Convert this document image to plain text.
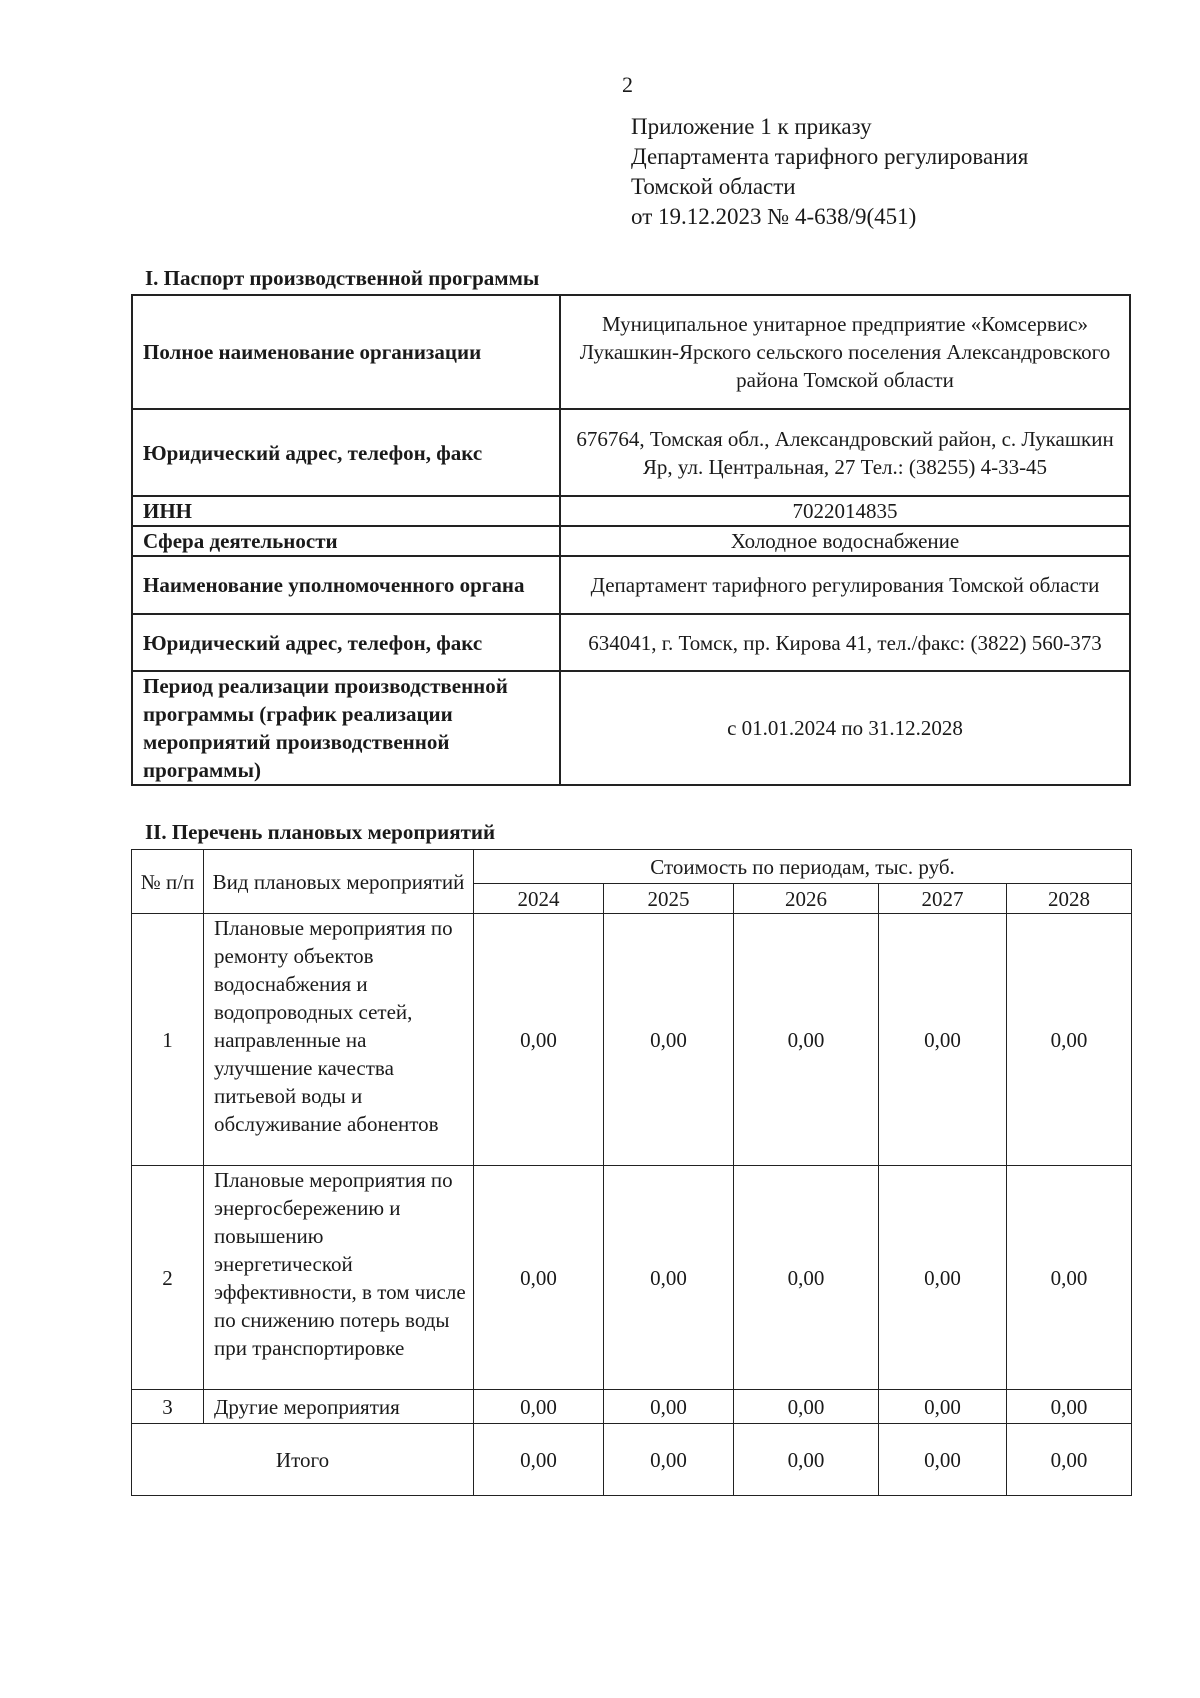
2
Приложение 1 к приказу
Департамента тарифного регулирования
Томской области
от 19.12.2023 № 4-638/9(451)
I. Паспорт производственной программы
Полное наименование организации	Муниципальное унитарное предприятие «Комсервис» Лукашкин-Ярского сельского поселения Александровского района Томской области
Юридический адрес, телефон, факс	676764, Томская обл., Александровский район, с. Лукашкин Яр, ул. Центральная, 27 Тел.: (38255) 4-33-45
ИНН	7022014835
Сфера деятельности	Холодное водоснабжение
Наименование уполномоченного органа	Департамент тарифного регулирования Томской области
Юридический адрес, телефон, факс	634041, г. Томск, пр. Кирова 41, тел./факс: (3822) 560-373
Период реализации производственной программы (график реализации мероприятий производственной программы)	с 01.01.2024 по 31.12.2028
II. Перечень плановых мероприятий
№ п/п	Вид плановых мероприятий	Стоимость по периодам, тыс. руб.				
		2024	2025	2026	2027	2028
1	Плановые мероприятия по ремонту объектов водоснабжения и водопроводных сетей, направленные на улучшение качества питьевой воды и обслуживание абонентов	0,00	0,00	0,00	0,00	0,00
2	Плановые мероприятия по энергосбережению и повышению энергетической эффективности, в том числе по снижению потерь воды при транспортировке	0,00	0,00	0,00	0,00	0,00
3	Другие мероприятия	0,00	0,00	0,00	0,00	0,00
Итого		0,00	0,00	0,00	0,00	0,00
